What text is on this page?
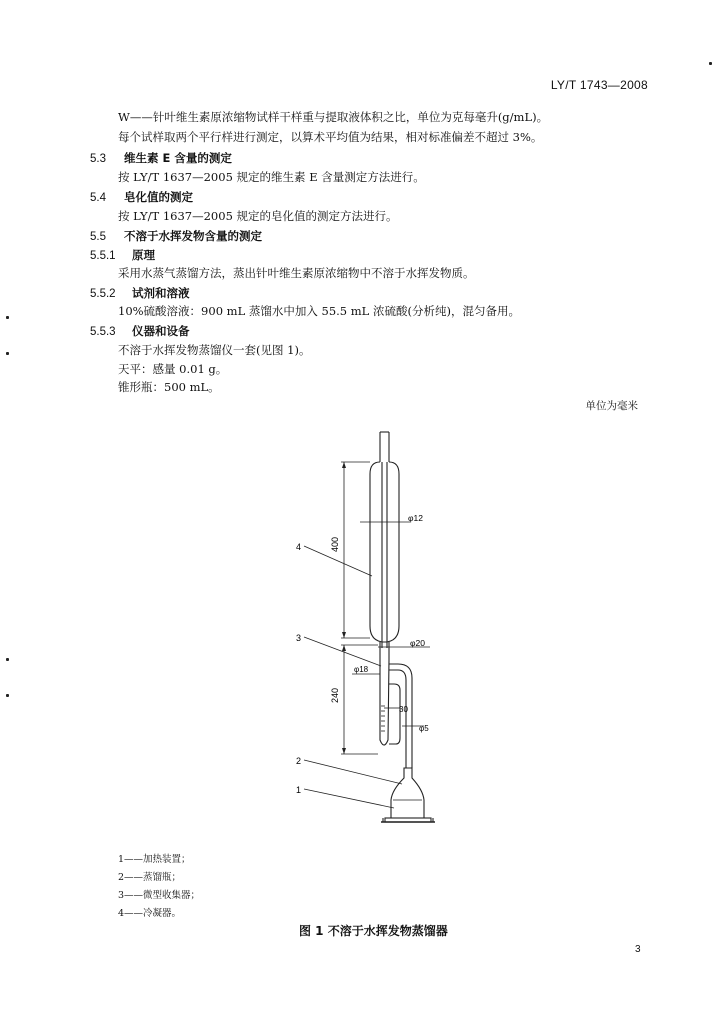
LY/T 1743—2008
W——针叶维生素原浓缩物试样干样重与提取液体积之比，单位为克每毫升(g/mL)。
每个试样取两个平行样进行测定，以算术平均值为结果，相对标准偏差不超过 3%。
5.3 维生素 E 含量的测定
按 LY/T 1637—2005 规定的维生素 E 含量测定方法进行。
5.4 皂化值的测定
按 LY/T 1637—2005 规定的皂化值的测定方法进行。
5.5 不溶于水挥发物含量的测定
5.5.1 原理
采用水蒸气蒸馏方法，蒸出针叶维生素原浓缩物中不溶于水挥发物质。
5.5.2 试剂和溶液
10%硫酸溶液：900 mL 蒸馏水中加入 55.5 mL 浓硫酸(分析纯)，混匀备用。
5.5.3 仪器和设备
不溶于水挥发物蒸馏仪一套(见图 1)。
天平：感量 0.01 g。
锥形瓶：500 mL。
单位为毫米
400
240
φ12
φ20
φ18
30
φ5
4
3
2
1
1——加热装置；
2——蒸馏瓶；
3——微型收集器；
4——冷凝器。
图 1 不溶于水挥发物蒸馏器
3
